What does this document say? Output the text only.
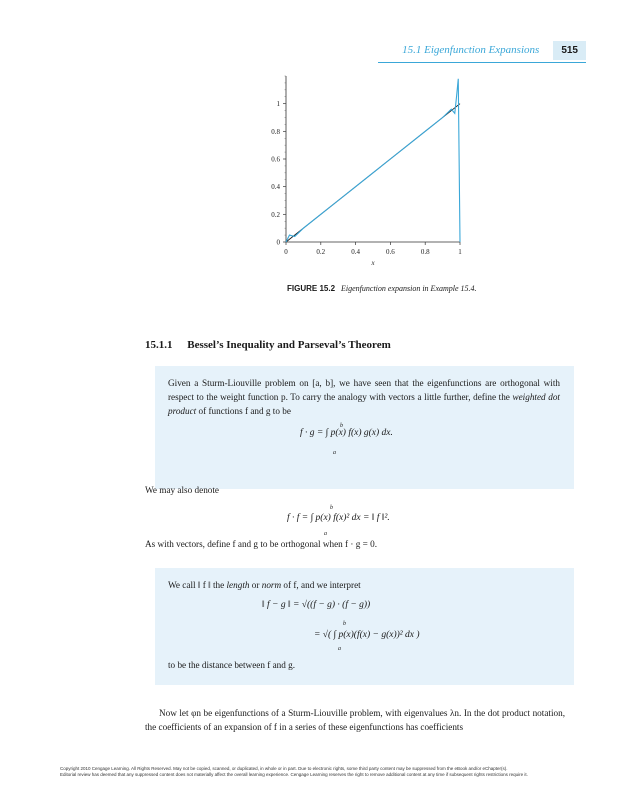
15.1 Eigenfunction Expansions	515
0	0.2	0.4	0.6	0.8	1
0
0.2
0.4
0.6
0.8
1
x
FIGURE 15.2 Eigenfunction expansion in Example 15.4.
15.1.1 Bessel’s Inequality and Parseval’s Theorem
Given a Sturm-Liouville problem on [a, b], we have seen that the eigenfunctions are orthogonal with respect to the weight function p. To carry the analogy with vectors a little further, define the weighted dot product of functions f and g to be
f · g = ∫ p(x) f(x) g(x) dx.
b
a
We may also denote
f · f = ∫ p(x) f(x)² dx = ‖ f ‖².
b
a
As with vectors, define f and g to be orthogonal when f · g = 0.
We call ‖ f ‖ the length or norm of f, and we interpret
‖ f − g ‖ = √((f − g) · (f − g))
= √( ∫ p(x)(f(x) − g(x))² dx )
b
a
to be the distance between f and g.
Now let φn be eigenfunctions of a Sturm-Liouville problem, with eigenvalues λn. In the dot product notation, the coefficients of an expansion of f in a series of these eigenfunctions has coefficients
Copyright 2010 Cengage Learning. All Rights Reserved. May not be copied, scanned, or duplicated, in whole or in part. Due to electronic rights, some third party content may be suppressed from the eBook and/or eChapter(s).
Editorial review has deemed that any suppressed content does not materially affect the overall learning experience. Cengage Learning reserves the right to remove additional content at any time if subsequent rights restrictions require it.
